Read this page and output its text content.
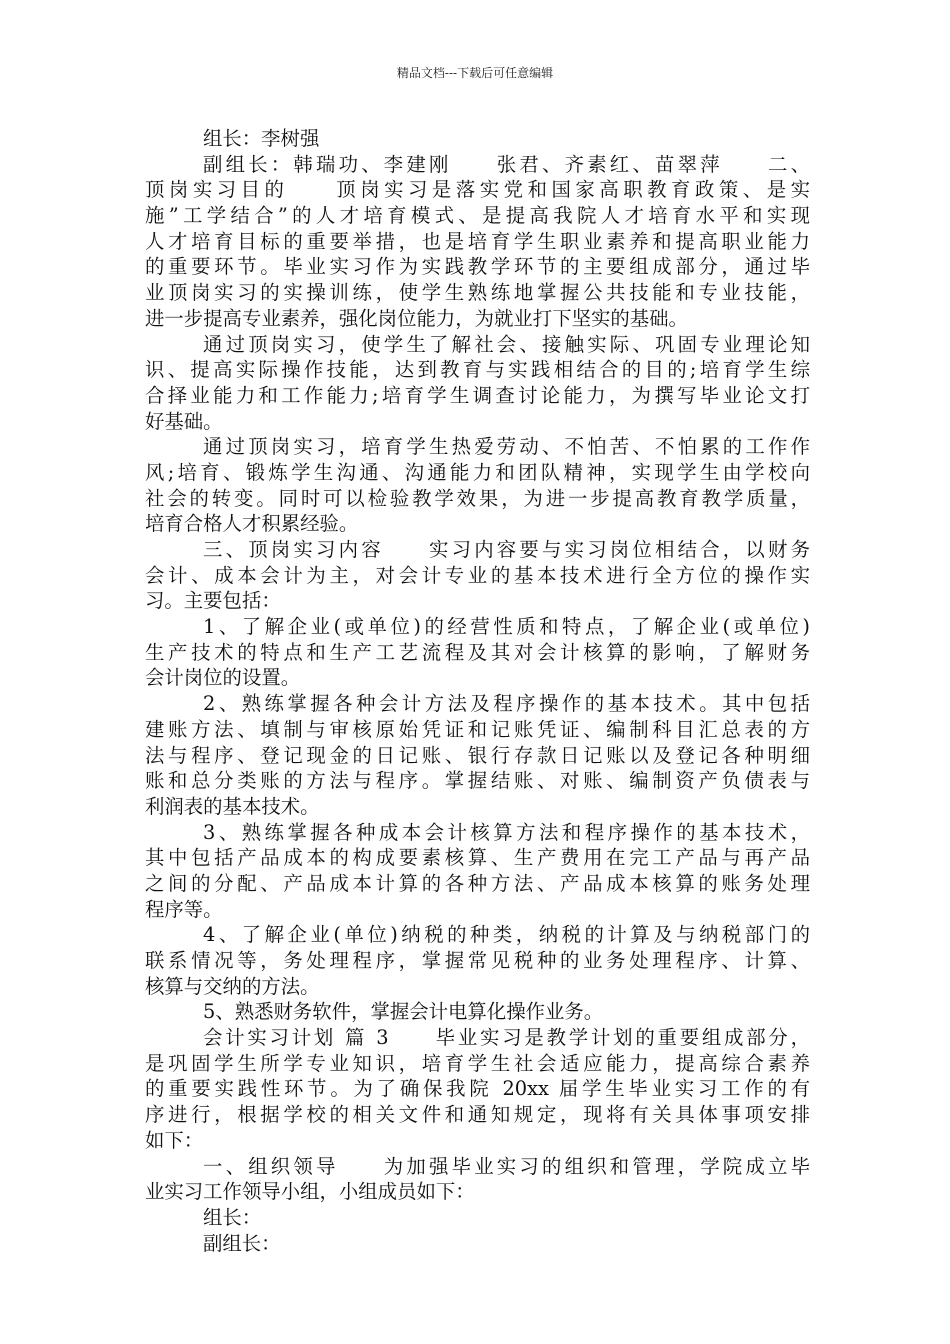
精品文档---下载后可任意编辑
组长：李树强
副组长：韩瑞功、李建刚　　张君、齐素红、苗翠萍　　二、
顶岗实习目的　　顶岗实习是落实党和国家高职教育政策、是实
施”工学结合”的人才培育模式、是提高我院人才培育水平和实现
人才培育目标的重要举措，也是培育学生职业素养和提高职业能力
的重要环节。毕业实习作为实践教学环节的主要组成部分，通过毕
业顶岗实习的实操训练，使学生熟练地掌握公共技能和专业技能，
进一步提高专业素养，强化岗位能力，为就业打下坚实的基础。
通过顶岗实习，使学生了解社会、接触实际、巩固专业理论知
识、提高实际操作技能，达到教育与实践相结合的目的;培育学生综
合择业能力和工作能力;培育学生调查讨论能力，为撰写毕业论文打
好基础。
通过顶岗实习，培育学生热爱劳动、不怕苦、不怕累的工作作
风;培育、锻炼学生沟通、沟通能力和团队精神，实现学生由学校向
社会的转变。同时可以检验教学效果，为进一步提高教育教学质量，
培育合格人才积累经验。
三、顶岗实习内容　　实习内容要与实习岗位相结合，以财务
会计、成本会计为主，对会计专业的基本技术进行全方位的操作实
习。主要包括：
1、了解企业(或单位)的经营性质和特点，了解企业(或单位)
生产技术的特点和生产工艺流程及其对会计核算的影响，了解财务
会计岗位的设置。
2、熟练掌握各种会计方法及程序操作的基本技术。其中包括
建账方法、填制与审核原始凭证和记账凭证、编制科目汇总表的方
法与程序、登记现金的日记账、银行存款日记账以及登记各种明细
账和总分类账的方法与程序。掌握结账、对账、编制资产负债表与
利润表的基本技术。
3、熟练掌握各种成本会计核算方法和程序操作的基本技术，
其中包括产品成本的构成要素核算、生产费用在完工产品与再产品
之间的分配、产品成本计算的各种方法、产品成本核算的账务处理
程序等。
4、了解企业(单位)纳税的种类，纳税的计算及与纳税部门的
联系情况等，务处理程序，掌握常见税种的业务处理程序、计算、
核算与交纳的方法。
5、熟悉财务软件，掌握会计电算化操作业务。
会计实习计划 篇 3　　毕业实习是教学计划的重要组成部分，
是巩固学生所学专业知识，培育学生社会适应能力，提高综合素养
的重要实践性环节。为了确保我院 20xx 届学生毕业实习工作的有
序进行，根据学校的相关文件和通知规定，现将有关具体事项安排
如下：
一、组织领导　　为加强毕业实习的组织和管理，学院成立毕
业实习工作领导小组，小组成员如下：
组长：
副组长：
